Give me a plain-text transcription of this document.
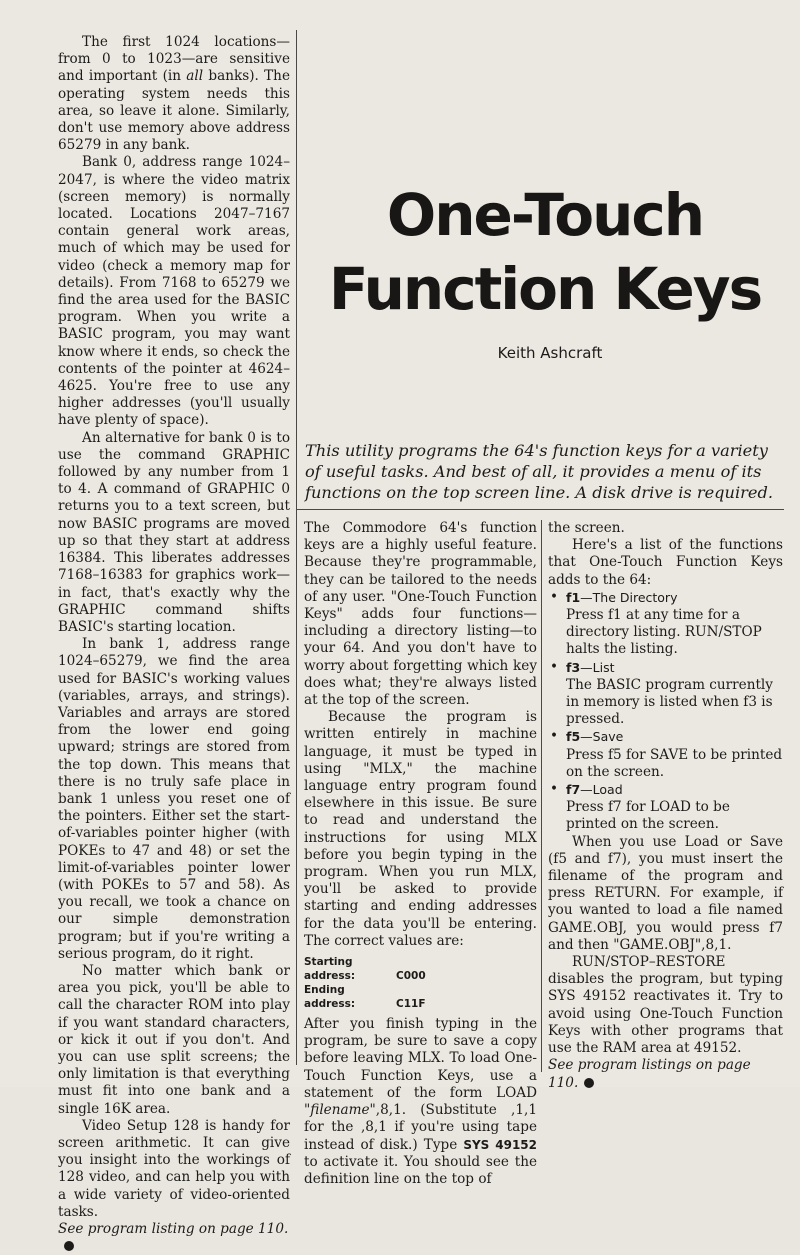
The first 1024 locations—from 0 to 1023—are sensitive and important (in all banks). The operating system needs this area, so leave it alone. Similarly, don't use memory above address 65279 in any bank.

Bank 0, address range 1024–2047, is where the video matrix (screen memory) is normally located. Locations 2047–7167 contain general work areas, much of which may be used for video (check a memory map for details). From 7168 to 65279 we find the area used for the BASIC program. When you write a BASIC program, you may want know where it ends, so check the contents of the pointer at 4624–4625. You're free to use any higher addresses (you'll usually have plenty of space).

An alternative for bank 0 is to use the command GRAPHIC followed by any number from 1 to 4. A command of GRAPHIC 0 returns you to a text screen, but now BASIC programs are moved up so that they start at address 16384. This liberates addresses 7168–16383 for graphics work—in fact, that's exactly why the GRAPHIC command shifts BASIC's starting location.

In bank 1, address range 1024–65279, we find the area used for BASIC's working values (variables, arrays, and strings). Variables and arrays are stored from the lower end going upward; strings are stored from the top down. This means that there is no truly safe place in bank 1 unless you reset one of the pointers. Either set the start-of-variables pointer higher (with POKEs to 47 and 48) or set the limit-of-variables pointer lower (with POKEs to 57 and 58). As you recall, we took a chance on our simple demonstration program; but if you're writing a serious program, do it right.

No matter which bank or area you pick, you'll be able to call the character ROM into play if you want standard characters, or kick it out if you don't. And you can use split screens; the only limitation is that everything must fit into one bank and a single 16K area.

Video Setup 128 is handy for screen arithmetic. It can give you insight into the workings of 128 video, and can help you with a wide variety of video-oriented tasks.

See program listing on page 110.

One-Touch
Function Keys
Keith Ashcraft
This utility programs the 64's function keys for a variety of useful tasks. And best of all, it provides a menu of its functions on the top screen line. A disk drive is required.

The Commodore 64's function keys are a highly useful feature. Because they're programmable, they can be tailored to the needs of any user. "One-Touch Function Keys" adds four functions—including a directory listing—to your 64. And you don't have to worry about forgetting which key does what; they're always listed at the top of the screen.

Because the program is written entirely in machine language, it must be typed in using "MLX," the machine language entry program found elsewhere in this issue. Be sure to read and understand the instructions for using MLX before you begin typing in the program. When you run MLX, you'll be asked to provide starting and ending addresses for the data you'll be entering. The correct values are:

Starting address:	C000
Ending address:	C11F

After you finish typing in the program, be sure to save a copy before leaving MLX. To load One-Touch Function Keys, use a statement of the form LOAD "filename",8,1. (Substitute ,1,1 for the ,8,1 if you're using tape instead of disk.) Type SYS 49152 to activate it. You should see the definition line on the top of

the screen.

Here's a list of the functions that One-Touch Function Keys adds to the 64:

• f1—The Directory
Press f1 at any time for a directory listing. RUN/STOP halts the listing.
• f3—List
The BASIC program currently in memory is listed when f3 is pressed.
• f5—Save
Press f5 for SAVE to be printed on the screen.
• f7—Load
Press f7 for LOAD to be printed on the screen.

When you use Load or Save (f5 and f7), you must insert the filename of the program and press RETURN. For example, if you wanted to load a file named GAME.OBJ, you would press f7 and then "GAME.OBJ",8,1.

RUN/STOP–RESTORE disables the program, but typing SYS 49152 reactivates it. Try to avoid using One-Touch Function Keys with other programs that use the RAM area at 49152.

See program listings on page 110.
